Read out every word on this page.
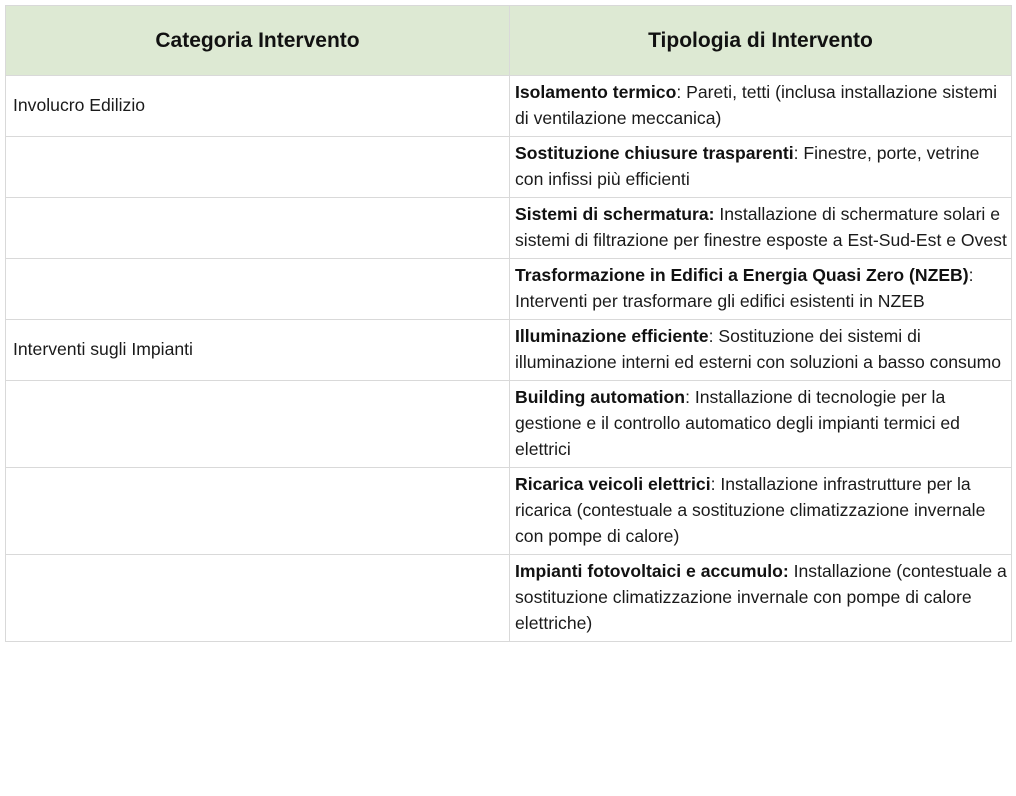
Categoria Intervento	Tipologia di Intervento
Involucro Edilizio	Isolamento termico: Pareti, tetti (inclusa installazione sistemi di ventilazione meccanica)
	Sostituzione chiusure trasparenti: Finestre, porte, vetrine con infissi più efficienti
	Sistemi di schermatura: Installazione di schermature solari e sistemi di filtrazione per finestre esposte a Est-Sud-Est e Ovest
	Trasformazione in Edifici a Energia Quasi Zero (NZEB): Interventi per trasformare gli edifici esistenti in NZEB
Interventi sugli Impianti	Illuminazione efficiente: Sostituzione dei sistemi di illuminazione interni ed esterni con soluzioni a basso consumo
	Building automation: Installazione di tecnologie per la gestione e il controllo automatico degli impianti termici ed elettrici
	Ricarica veicoli elettrici: Installazione infrastrutture per la ricarica (contestuale a sostituzione climatizzazione invernale con pompe di calore)
	Impianti fotovoltaici e accumulo: Installazione (contestuale a sostituzione climatizzazione invernale con pompe di calore elettriche)
